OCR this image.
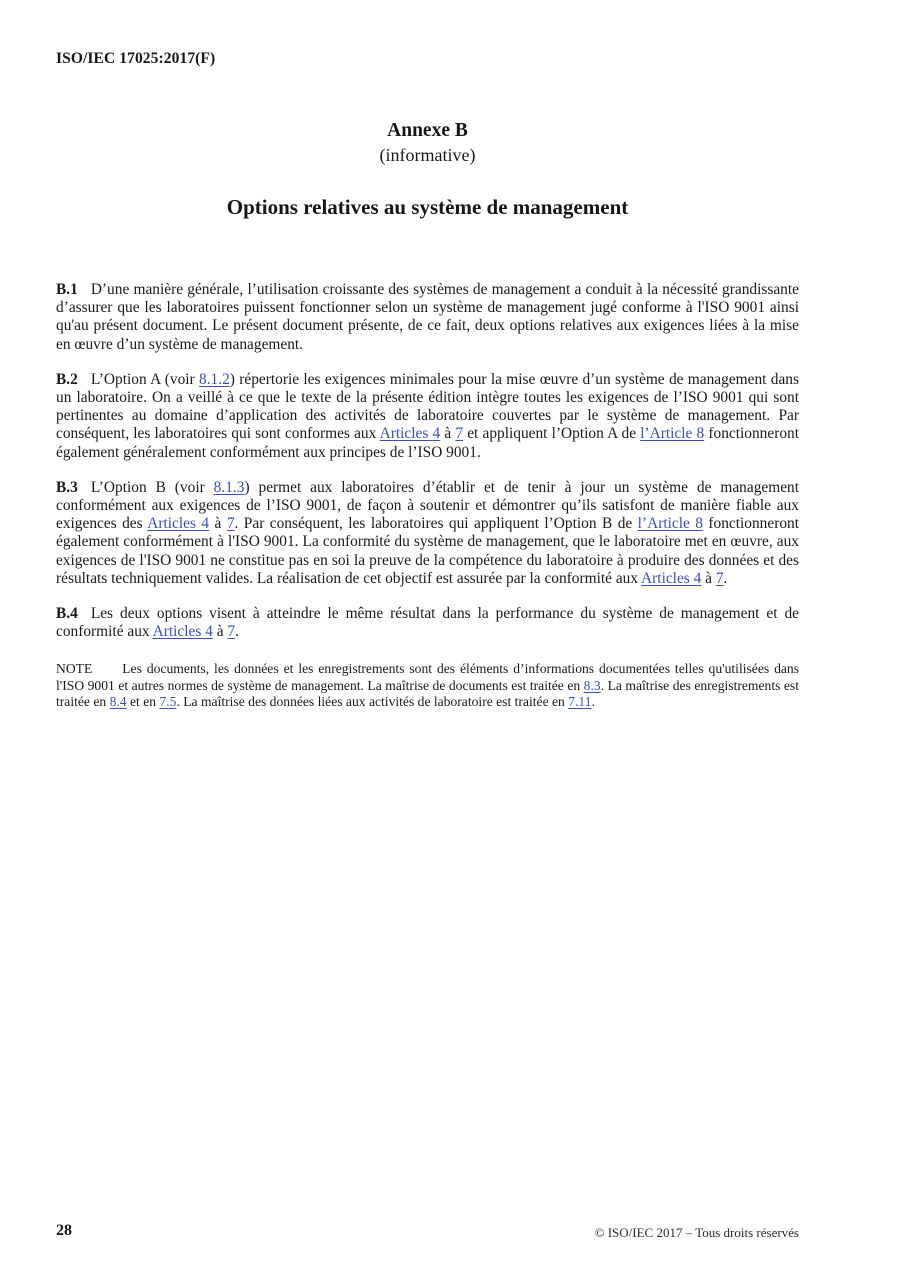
ISO/IEC 17025:2017(F)
Annexe B
(informative)
Options relatives au système de management

B.1 D’une manière générale, l’utilisation croissante des systèmes de management a conduit à la nécessité grandissante d’assurer que les laboratoires puissent fonctionner selon un système de management jugé conforme à l'ISO 9001 ainsi qu'au présent document. Le présent document présente, de ce fait, deux options relatives aux exigences liées à la mise en œuvre d’un système de management.

B.2 L’Option A (voir 8.1.2) répertorie les exigences minimales pour la mise œuvre d’un système de management dans un laboratoire. On a veillé à ce que le texte de la présente édition intègre toutes les exigences de l’ISO 9001 qui sont pertinentes au domaine d’application des activités de laboratoire couvertes par le système de management. Par conséquent, les laboratoires qui sont conformes aux Articles 4 à 7 et appliquent l’Option A de l’Article 8 fonctionneront également généralement conformément aux principes de l’ISO 9001.

B.3 L’Option B (voir 8.1.3) permet aux laboratoires d’établir et de tenir à jour un système de management conformément aux exigences de l’ISO 9001, de façon à soutenir et démontrer qu’ils satisfont de manière fiable aux exigences des Articles 4 à 7. Par conséquent, les laboratoires qui appliquent l’Option B de l’Article 8 fonctionneront également conformément à l'ISO 9001. La conformité du système de management, que le laboratoire met en œuvre, aux exigences de l'ISO 9001 ne constitue pas en soi la preuve de la compétence du laboratoire à produire des données et des résultats techniquement valides. La réalisation de cet objectif est assurée par la conformité aux Articles 4 à 7.

B.4 Les deux options visent à atteindre le même résultat dans la performance du système de management et de conformité aux Articles 4 à 7.

NOTE Les documents, les données et les enregistrements sont des éléments d’informations documentées telles qu'utilisées dans l'ISO 9001 et autres normes de système de management. La maîtrise de documents est traitée en 8.3. La maîtrise des enregistrements est traitée en 8.4 et en 7.5. La maîtrise des données liées aux activités de laboratoire est traitée en 7.11.

28	© ISO/IEC 2017 – Tous droits réservés
